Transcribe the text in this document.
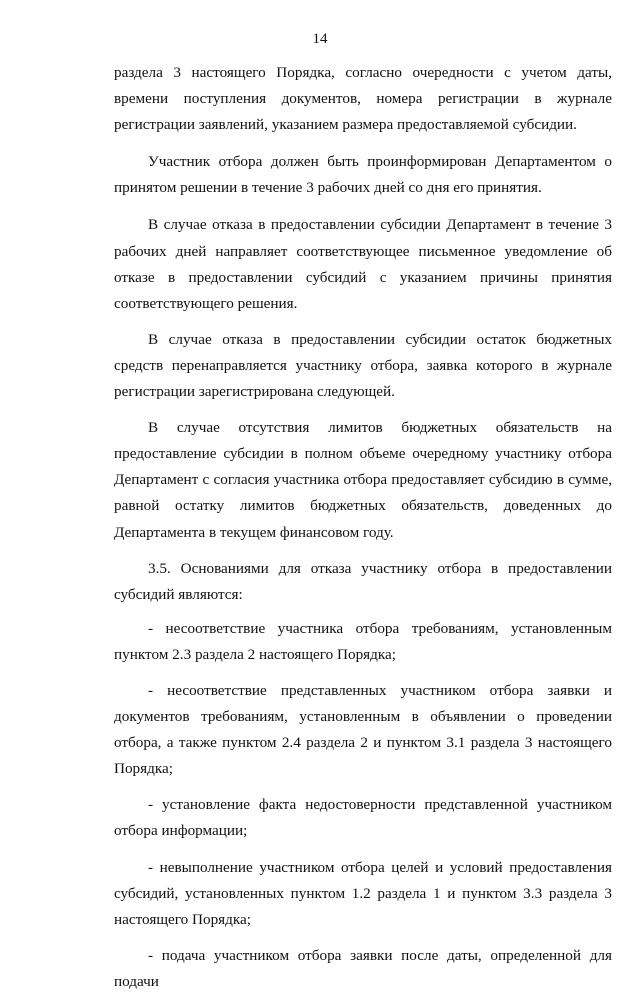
14

раздела 3 настоящего Порядка, согласно очередности с учетом даты, времени поступления документов, номера регистрации в журнале регистрации заявлений, указанием размера предоставляемой субсидии.

Участник отбора должен быть проинформирован Департаментом о принятом решении в течение 3 рабочих дней со дня его принятия.

В случае отказа в предоставлении субсидии Департамент в течение 3 рабочих дней направляет соответствующее письменное уведомление об отказе в предоставлении субсидий с указанием причины принятия соответствующего решения.

В случае отказа в предоставлении субсидии остаток бюджетных средств перенаправляется участнику отбора, заявка которого в журнале регистрации зарегистрирована следующей.

В случае отсутствия лимитов бюджетных обязательств на предоставление субсидии в полном объеме очередному участнику отбора Департамент с согласия участника отбора предоставляет субсидию в сумме, равной остатку лимитов бюджетных обязательств, доведенных до Департамента в текущем финансовом году.

3.5. Основаниями для отказа участнику отбора в предоставлении субсидий являются:

- несоответствие участника отбора требованиям, установленным пунктом 2.3 раздела 2 настоящего Порядка;

- несоответствие представленных участником отбора заявки и документов требованиям, установленным в объявлении о проведении отбора, а также пунктом 2.4 раздела 2 и пунктом 3.1 раздела 3 настоящего Порядка;

- установление факта недостоверности представленной участником отбора информации;

- невыполнение участником отбора целей и условий предоставления субсидий, установленных пунктом 1.2 раздела 1 и пунктом 3.3 раздела 3 настоящего Порядка;

- подача участником отбора заявки после даты, определенной для подачи
